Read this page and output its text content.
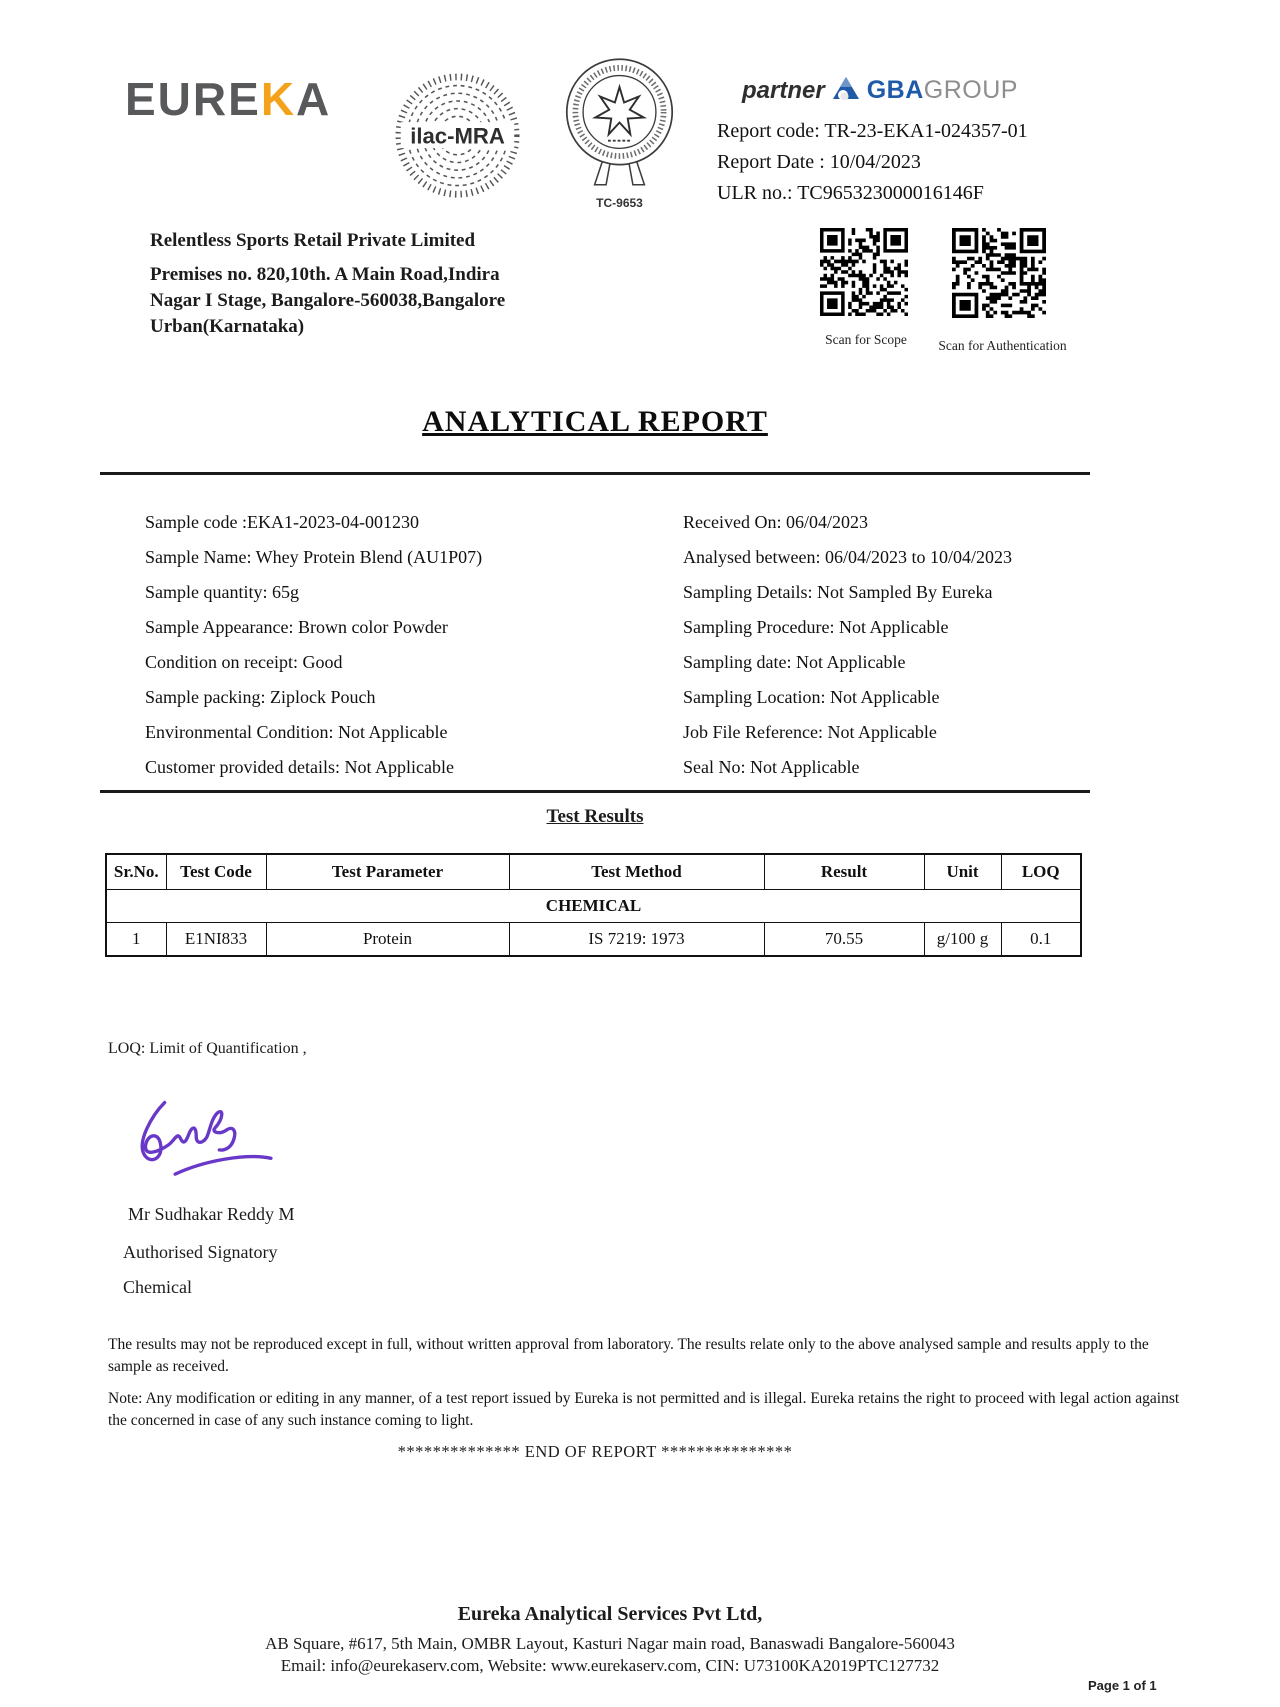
EUREKA
ilac-MRA
TC-9653
partner GBAGROUP
Report code: TR-23-EKA1-024357-01
Report Date : 10/04/2023
ULR no.: TC965323000016146F
Relentless Sports Retail Private Limited
Premises no. 820,10th. A Main Road,Indira Nagar I Stage, Bangalore-560038,Bangalore Urban(Karnataka)
Scan for Scope	Scan for Authentication
ANALYTICAL REPORT
Sample code :EKA1-2023-04-001230
Sample Name: Whey Protein Blend (AU1P07)
Sample quantity: 65g
Sample Appearance: Brown color Powder
Condition on receipt: Good
Sample packing: Ziplock Pouch
Environmental Condition: Not Applicable
Customer provided details: Not Applicable
Received On: 06/04/2023
Analysed between: 06/04/2023 to 10/04/2023
Sampling Details: Not Sampled By Eureka
Sampling Procedure: Not Applicable
Sampling date: Not Applicable
Sampling Location: Not Applicable
Job File Reference: Not Applicable
Seal No: Not Applicable
Test Results
Sr.No.	Test Code	Test Parameter	Test Method	Result	Unit	LOQ
CHEMICAL						
1	E1NI833	Protein	IS 7219: 1973	70.55	g/100 g	0.1
LOQ: Limit of Quantification ,
Mr Sudhakar Reddy M
Authorised Signatory
Chemical
The results may not be reproduced except in full, without written approval from laboratory. The results relate only to the above analysed sample and results apply to the sample as received.
Note: Any modification or editing in any manner, of a test report issued by Eureka is not permitted and is illegal. Eureka retains the right to proceed with legal action against the concerned in case of any such instance coming to light.
************** END OF REPORT ***************
Eureka Analytical Services Pvt Ltd,
AB Square, #617, 5th Main, OMBR Layout, Kasturi Nagar main road, Banaswadi Bangalore-560043
Email: info@eurekaserv.com, Website: www.eurekaserv.com, CIN: U73100KA2019PTC127732
Page 1 of 1
